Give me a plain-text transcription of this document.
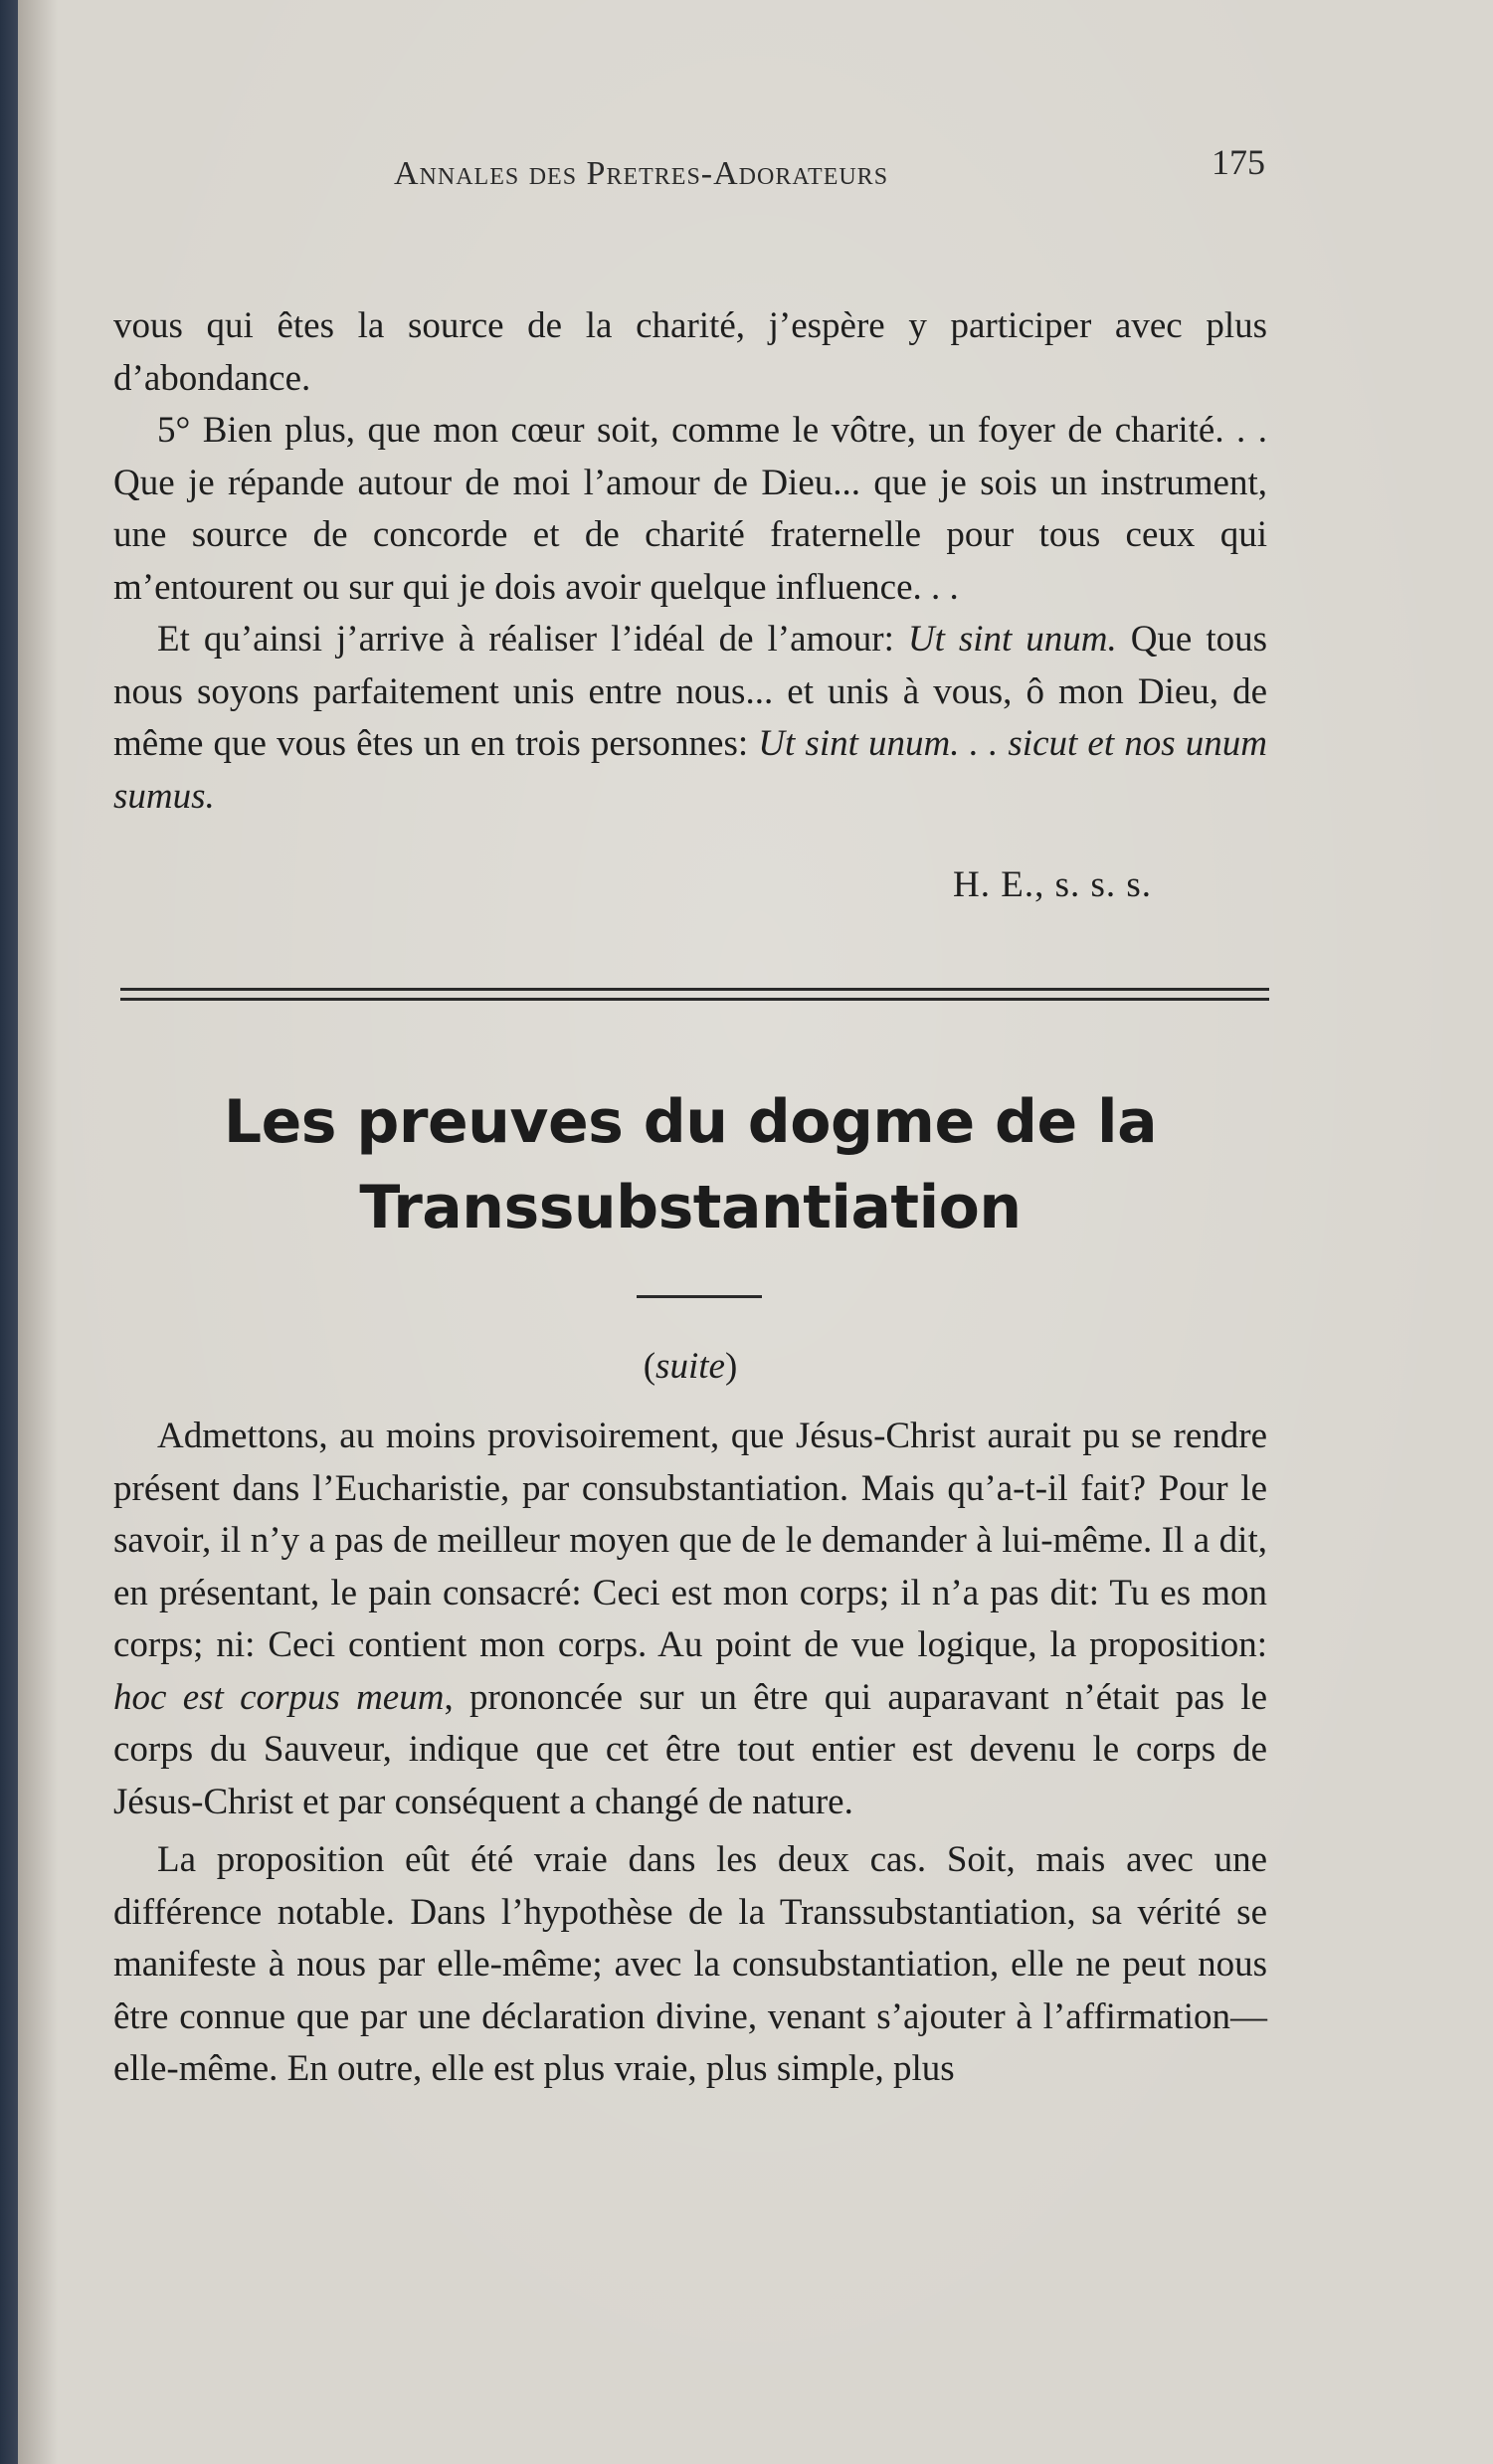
Annales des Pretres-Adorateurs	175

vous qui êtes la source de la charité, j’espère y participer avec plus d’abondance.

5° Bien plus, que mon cœur soit, comme le vôtre, un foyer de charité. . . Que je répande autour de moi l’amour de Dieu... que je sois un instrument, une source de concorde et de charité fraternelle pour tous ceux qui m’entourent ou sur qui je dois avoir quelque influence. . .

Et qu’ainsi j’arrive à réaliser l’idéal de l’amour: Ut sint unum. Que tous nous soyons parfaitement unis entre nous... et unis à vous, ô mon Dieu, de même que vous êtes un en trois personnes: Ut sint unum. . . sicut et nos unum sumus.

H. E., s. s. s.
Les preuves du dogme de la
Transsubstantiation
(suite)

Admettons, au moins provisoirement, que Jésus-Christ aurait pu se rendre présent dans l’Eucharistie, par consubstantiation. Mais qu’a-t-il fait? Pour le savoir, il n’y a pas de meilleur moyen que de le demander à lui-même. Il a dit, en présentant, le pain consacré: Ceci est mon corps; il n’a pas dit: Tu es mon corps; ni: Ceci contient mon corps. Au point de vue logique, la proposition: hoc est corpus meum, prononcée sur un être qui auparavant n’était pas le corps du Sauveur, indique que cet être tout entier est devenu le corps de Jésus-Christ et par conséquent a changé de nature.

La proposition eût été vraie dans les deux cas. Soit, mais avec une différence notable. Dans l’hypothèse de la Transsubstantiation, sa vérité se manifeste à nous par elle-même; avec la consubstantiation, elle ne peut nous être connue que par une déclaration divine, venant s’ajouter à l’affirmation— elle-même. En outre, elle est plus vraie, plus simple, plus
